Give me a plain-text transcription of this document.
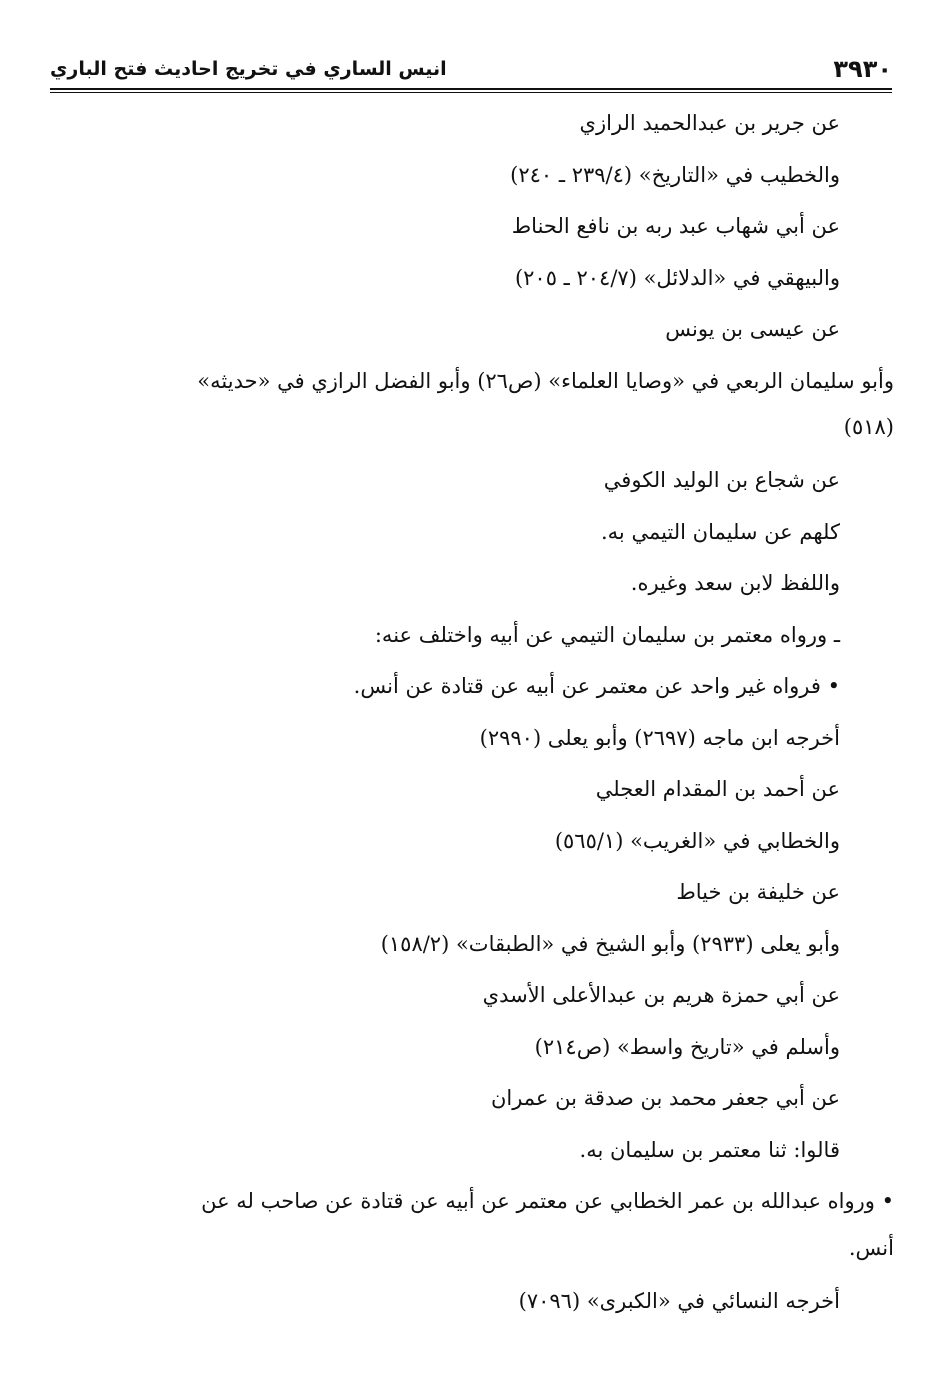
٣٩٣٠
انيس الساري في تخريج احاديث فتح الباري
عن جرير بن عبدالحميد الرازي
والخطيب في «التاريخ» (٢٣٩/٤ ـ ٢٤٠)
عن أبي شهاب عبد ربه بن نافع الحناط
والبيهقي في «الدلائل» (٢٠٤/٧ ـ ٢٠٥)
عن عيسى بن يونس
وأبو سليمان الربعي في «وصايا العلماء» (ص٢٦) وأبو الفضل الرازي في «حديثه»
(٥١٨)
عن شجاع بن الوليد الكوفي
كلهم عن سليمان التيمي به.
واللفظ لابن سعد وغيره.
ـ ورواه معتمر بن سليمان التيمي عن أبيه واختلف عنه:
• فرواه غير واحد عن معتمر عن أبيه عن قتادة عن أنس.
أخرجه ابن ماجه (٢٦٩٧) وأبو يعلى (٢٩٩٠)
عن أحمد بن المقدام العجلي
والخطابي في «الغريب» (٥٦٥/١)
عن خليفة بن خياط
وأبو يعلى (٢٩٣٣) وأبو الشيخ في «الطبقات» (١٥٨/٢)
عن أبي حمزة هريم بن عبدالأعلى الأسدي
وأسلم في «تاريخ واسط» (ص٢١٤)
عن أبي جعفر محمد بن صدقة بن عمران
قالوا: ثنا معتمر بن سليمان به.
• ورواه عبدالله بن عمر الخطابي عن معتمر عن أبيه عن قتادة عن صاحب له عن
أنس.
أخرجه النسائي في «الكبرى» (٧٠٩٦)
